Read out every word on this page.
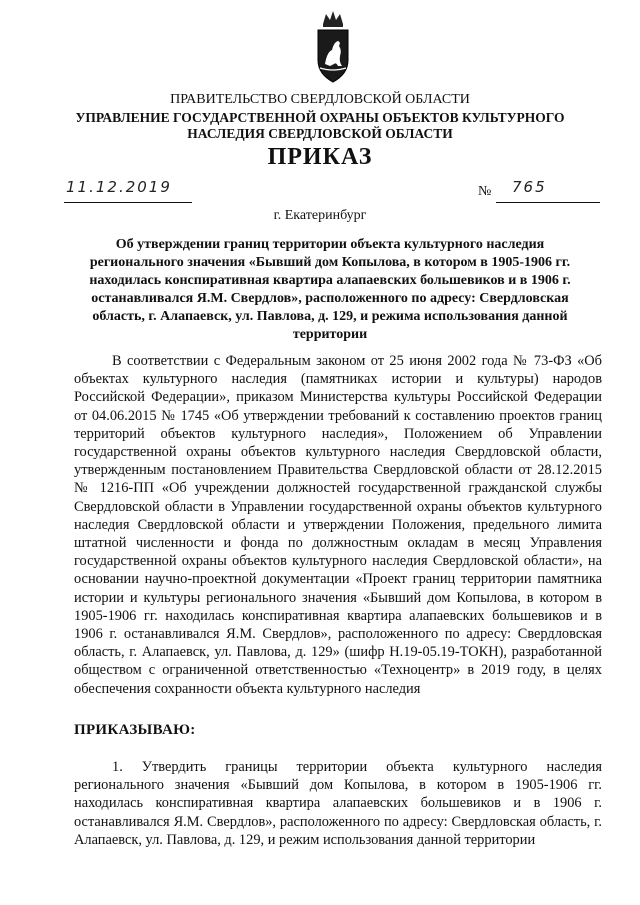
ПРАВИТЕЛЬСТВО СВЕРДЛОВСКОЙ ОБЛАСТИ
УПРАВЛЕНИЕ ГОСУДАРСТВЕННОЙ ОХРАНЫ ОБЪЕКТОВ КУЛЬТУРНОГО НАСЛЕДИЯ СВЕРДЛОВСКОЙ ОБЛАСТИ
ПРИКАЗ
11.12.2019	№ 765
г. Екатеринбург
Об утверждении границ территории объекта культурного наследия регионального значения «Бывший дом Копылова, в котором в 1905-1906 гг. находилась конспиративная квартира алапаевских большевиков и в 1906 г. останавливался Я.М. Свердлов», расположенного по адресу: Свердловская область, г. Алапаевск, ул. Павлова, д. 129, и режима использования данной территории

В соответствии с Федеральным законом от 25 июня 2002 года № 73-ФЗ «Об объектах культурного наследия (памятниках истории и культуры) народов Российской Федерации», приказом Министерства культуры Российской Федерации от 04.06.2015 № 1745 «Об утверждении требований к составлению проектов границ территорий объектов культурного наследия», Положением об Управлении государственной охраны объектов культурного наследия Свердловской области, утвержденным постановлением Правительства Свердловской области от 28.12.2015 № 1216-ПП «Об учреждении должностей государственной гражданской службы Свердловской области в Управлении государственной охраны объектов культурного наследия Свердловской области и утверждении Положения, предельного лимита штатной численности и фонда по должностным окладам в месяц Управления государственной охраны объектов культурного наследия Свердловской области», на основании научно-проектной документации «Проект границ территории памятника истории и культуры регионального значения «Бывший дом Копылова, в котором в 1905-1906 гг. находилась конспиративная квартира алапаевских большевиков и в 1906 г. останавливался Я.М. Свердлов», расположенного по адресу: Свердловская область, г. Алапаевск, ул. Павлова, д. 129» (шифр Н.19-05.19-ТОКН), разработанной обществом с ограниченной ответственностью «Техноцентр» в 2019 году, в целях обеспечения сохранности объекта культурного наследия

ПРИКАЗЫВАЮ:

1. Утвердить границы территории объекта культурного наследия регионального значения «Бывший дом Копылова, в котором в 1905-1906 гг. находилась конспиративная квартира алапаевских большевиков и в 1906 г. останавливался Я.М. Свердлов», расположенного по адресу: Свердловская область, г. Алапаевск, ул. Павлова, д. 129, и режим использования данной территории
